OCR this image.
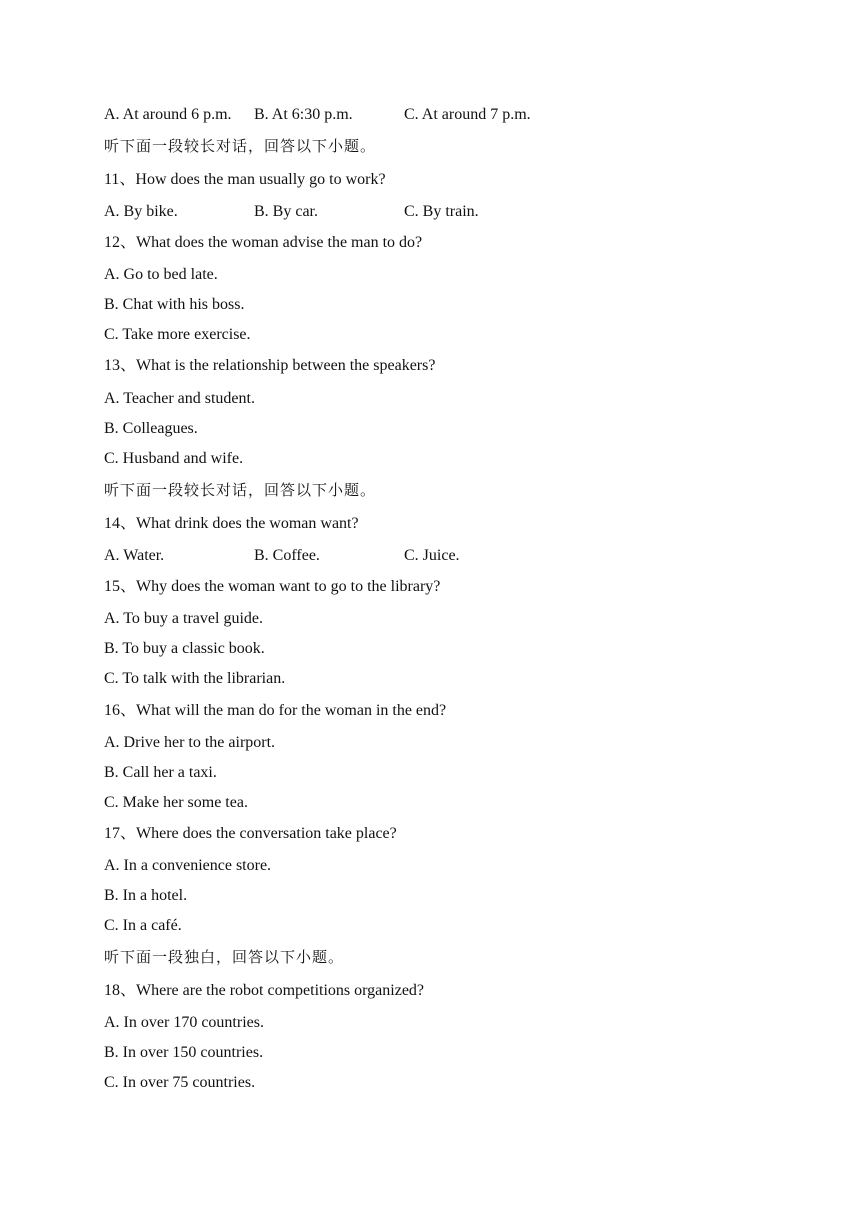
A. At around 6 p.m. B. At 6:30 p.m.	C. At around 7 p.m.
听下面一段较长对话，回答以下小题。
11、How does the man usually go to work?
A. By bike.	B. By car.	C. By train.
12、What does the woman advise the man to do?
A. Go to bed late.
B. Chat with his boss.
C. Take more exercise.
13、What is the relationship between the speakers?
A. Teacher and student.
B. Colleagues.
C. Husband and wife.
听下面一段较长对话，回答以下小题。
14、What drink does the woman want?
A. Water.	B. Coffee.	C. Juice.
15、Why does the woman want to go to the library?
A. To buy a travel guide.
B. To buy a classic book.
C. To talk with the librarian.
16、What will the man do for the woman in the end?
A. Drive her to the airport.
B. Call her a taxi.
C. Make her some tea.
17、Where does the conversation take place?
A. In a convenience store.
B. In a hotel.
C. In a café.
听下面一段独白，回答以下小题。
18、Where are the robot competitions organized?
A. In over 170 countries.
B. In over 150 countries.
C. In over 75 countries.
